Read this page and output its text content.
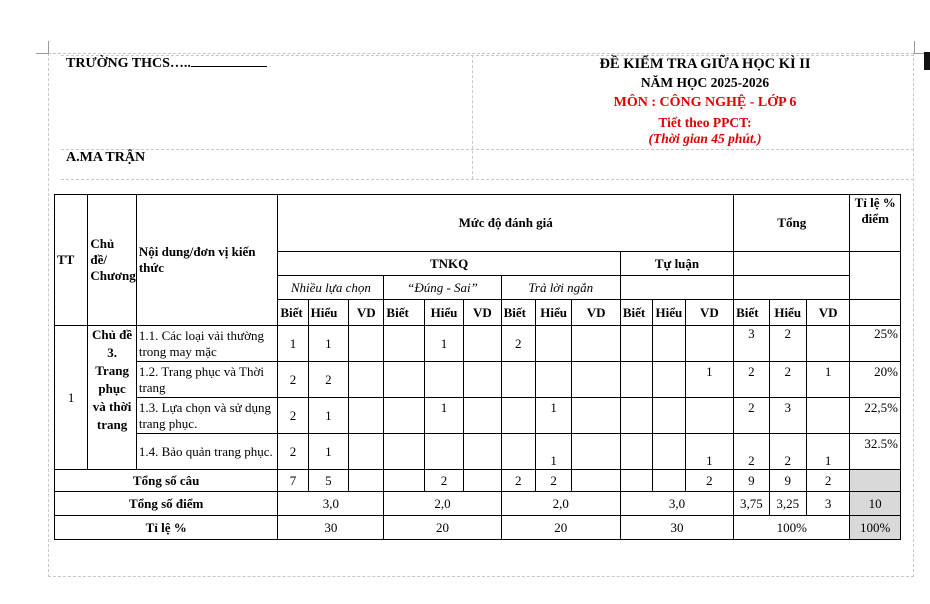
TRƯỜNG THCS…..	ĐỀ KIỂM TRA GIỮA HỌC KÌ II
NĂM HỌC 2025-2026
MÔN : CÔNG NGHỆ - LỚP 6
Tiết theo PPCT:
(Thời gian 45 phút.)
A.MA TRẬN
TT	Chủ đề/ Chương	Nội dung/đơn vị kiến thức	Mức độ đánh giá												Tổng			Tỉ lệ % điểm
			TNKQ									Tự luận						
			Nhiều lựa chọn			“Đúng - Sai”			Trả lời ngắn									
			Biết	Hiểu	VD	Biết	Hiểu	VD	Biết	Hiểu	VD	Biết	Hiểu	VD	Biết	Hiểu	VD	
1	Chủ đề 3. Trang phục và thời trang	1.1. Các loại vải thường trong may mặc	1	1			1		2						3	2		25%
		1.2. Trang phục và Thời trang	2	2										1	2	2	1	20%
		1.3. Lựa chọn và sử dụng trang phục.	2	1			1			1					2	3		22,5%
		1.4. Bảo quản trang phục.	2	1						1				1	2	2	1	32.5%
Tổng số câu			7	5			2		2	2				2	9	9	2	
Tổng số điểm			3,0			2,0			2,0			3,0			3,75	3,25	3	10
Tỉ lệ %			30			20			20			30			100%			100%
